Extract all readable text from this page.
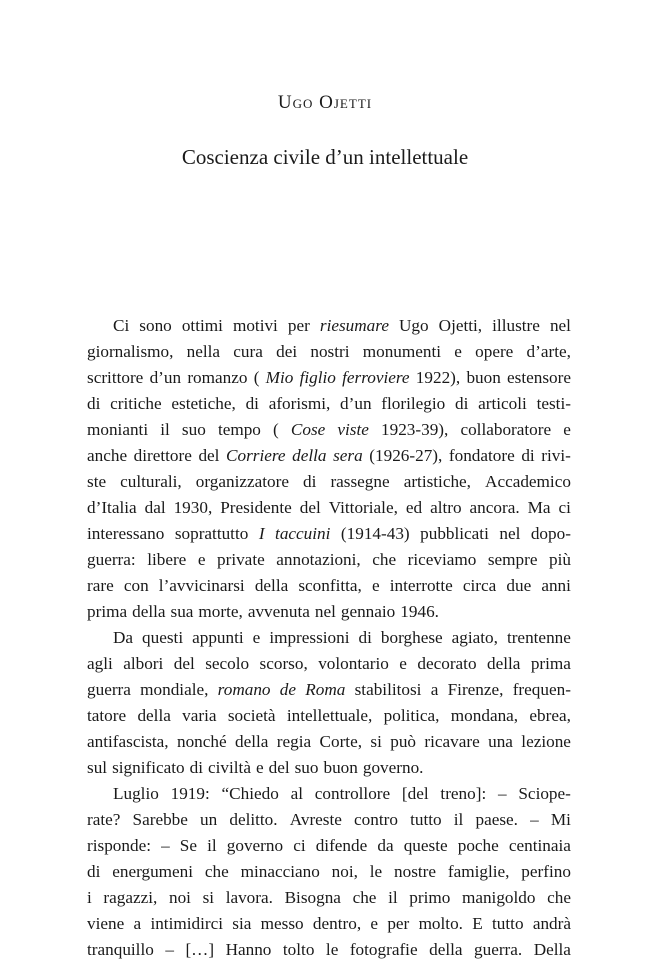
Ugo Ojetti
Coscienza civile d’un intellettuale
Ci sono ottimi motivi per riesumare Ugo Ojetti, illustre nel
giornalismo, nella cura dei nostri monumenti e opere d’arte,
scrittore d’un romanzo ( Mio figlio ferroviere 1922), buon estensore
di critiche estetiche, di aforismi, d’un florilegio di articoli testi-
monianti il suo tempo ( Cose viste 1923-39), collaboratore e
anche direttore del Corriere della sera (1926-27), fondatore di rivi-
ste culturali, organizzatore di rassegne artistiche, Accademico
d’Italia dal 1930, Presidente del Vittoriale, ed altro ancora. Ma ci
interessano soprattutto I taccuini (1914-43) pubblicati nel dopo-
guerra: libere e private annotazioni, che riceviamo sempre più
rare con l’avvicinarsi della sconfitta, e interrotte circa due anni
prima della sua morte, avvenuta nel gennaio 1946.
Da questi appunti e impressioni di borghese agiato, trentenne
agli albori del secolo scorso, volontario e decorato della prima
guerra mondiale, romano de Roma stabilitosi a Firenze, frequen-
tatore della varia società intellettuale, politica, mondana, ebrea,
antifascista, nonché della regia Corte, si può ricavare una lezione
sul significato di civiltà e del suo buon governo.
Luglio 1919: “Chiedo al controllore [del treno]: – Sciope-
rate? Sarebbe un delitto. Avreste contro tutto il paese. – Mi
risponde: – Se il governo ci difende da queste poche centinaia
di energumeni che minacciano noi, le nostre famiglie, perfino
i ragazzi, noi si lavora. Bisogna che il primo manigoldo che
viene a intimidirci sia messo dentro, e per molto. E tutto andrà
tranquillo – […] Hanno tolto le fotografie della guerra. Della
